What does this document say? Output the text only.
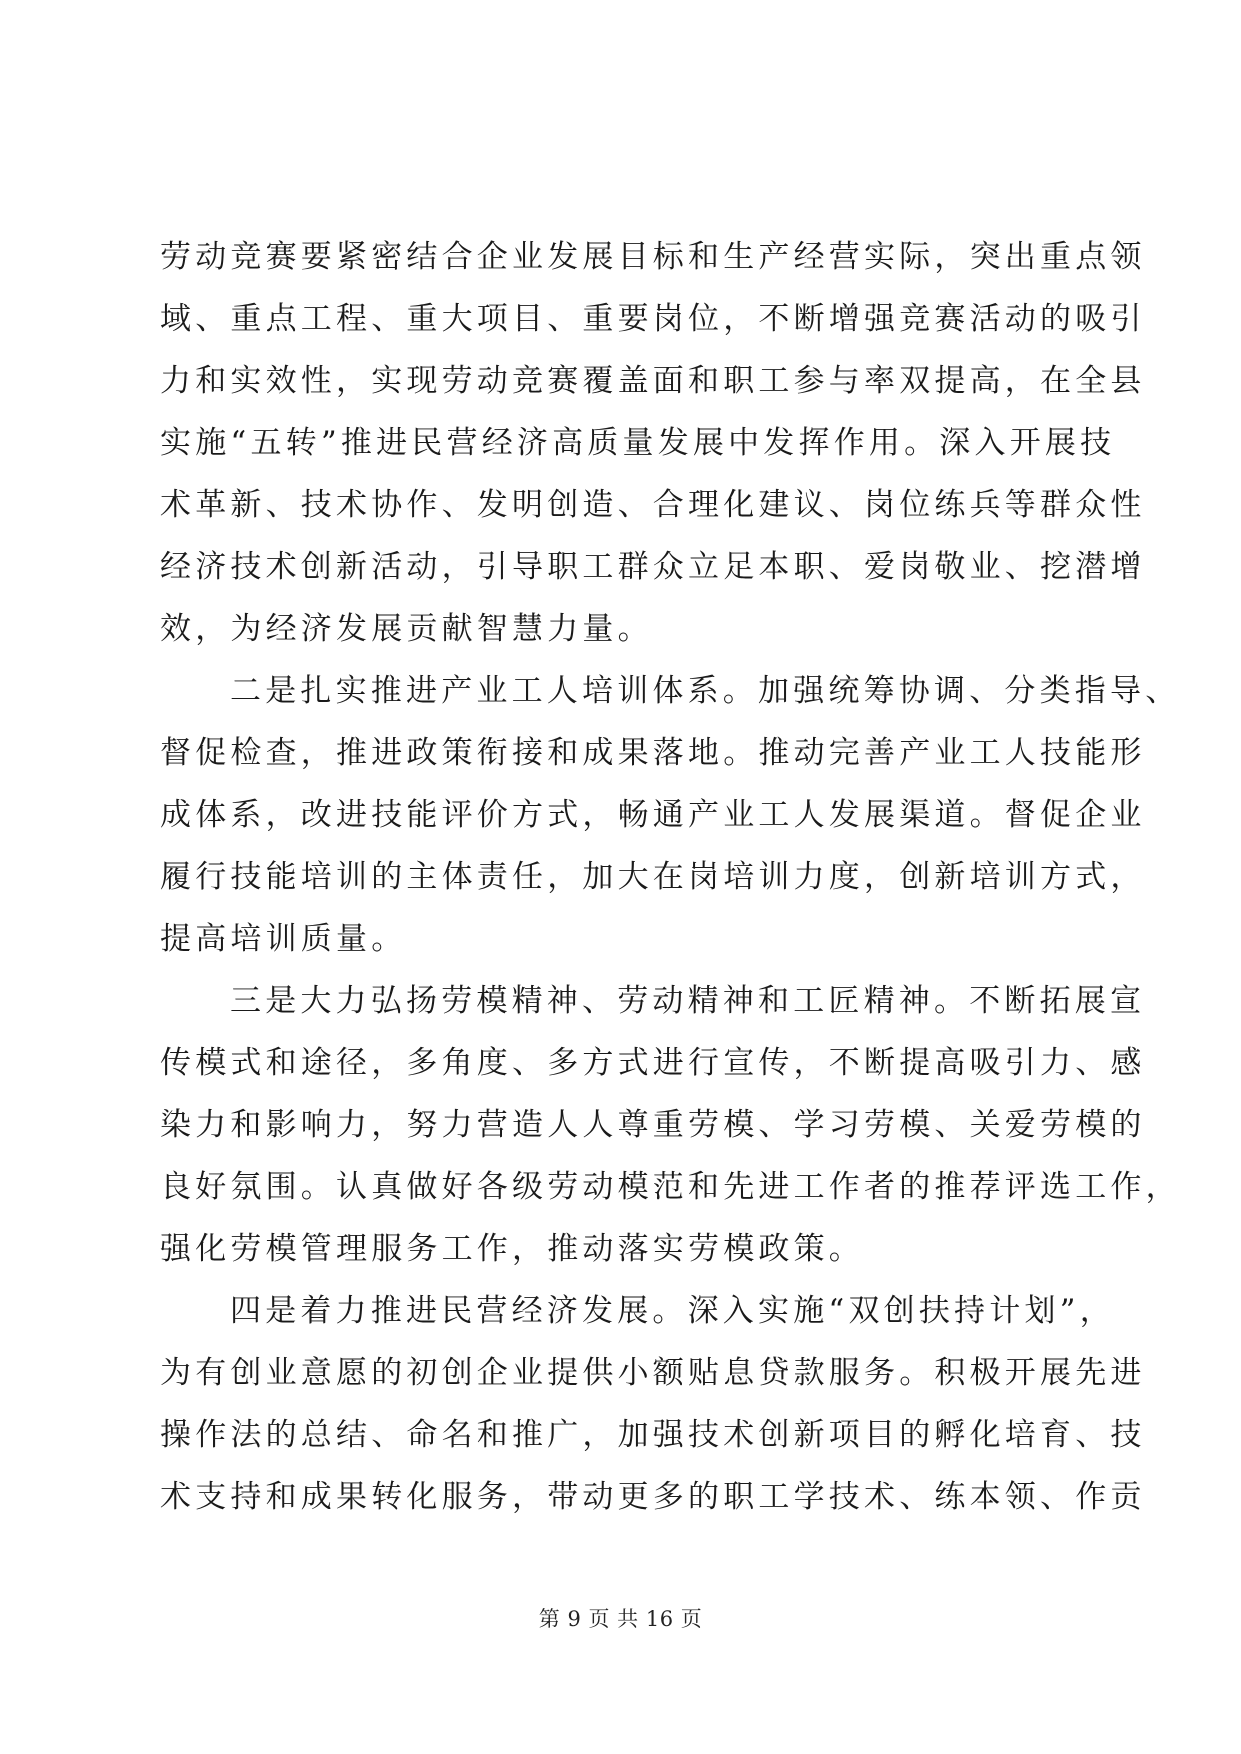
劳动竞赛要紧密结合企业发展目标和生产经营实际，突出重点领
域、重点工程、重大项目、重要岗位，不断增强竞赛活动的吸引
力和实效性，实现劳动竞赛覆盖面和职工参与率双提高，在全县
实施“五转”推进民营经济高质量发展中发挥作用。深入开展技
术革新、技术协作、发明创造、合理化建议、岗位练兵等群众性
经济技术创新活动，引导职工群众立足本职、爱岗敬业、挖潜增
效，为经济发展贡献智慧力量。
二是扎实推进产业工人培训体系。加强统筹协调、分类指导、
督促检查，推进政策衔接和成果落地。推动完善产业工人技能形
成体系，改进技能评价方式，畅通产业工人发展渠道。督促企业
履行技能培训的主体责任，加大在岗培训力度，创新培训方式，
提高培训质量。
三是大力弘扬劳模精神、劳动精神和工匠精神。不断拓展宣
传模式和途径，多角度、多方式进行宣传，不断提高吸引力、感
染力和影响力，努力营造人人尊重劳模、学习劳模、关爱劳模的
良好氛围。认真做好各级劳动模范和先进工作者的推荐评选工作，
强化劳模管理服务工作，推动落实劳模政策。
四是着力推进民营经济发展。深入实施“双创扶持计划”，
为有创业意愿的初创企业提供小额贴息贷款服务。积极开展先进
操作法的总结、命名和推广，加强技术创新项目的孵化培育、技
术支持和成果转化服务，带动更多的职工学技术、练本领、作贡
第 9 页 共 16 页
